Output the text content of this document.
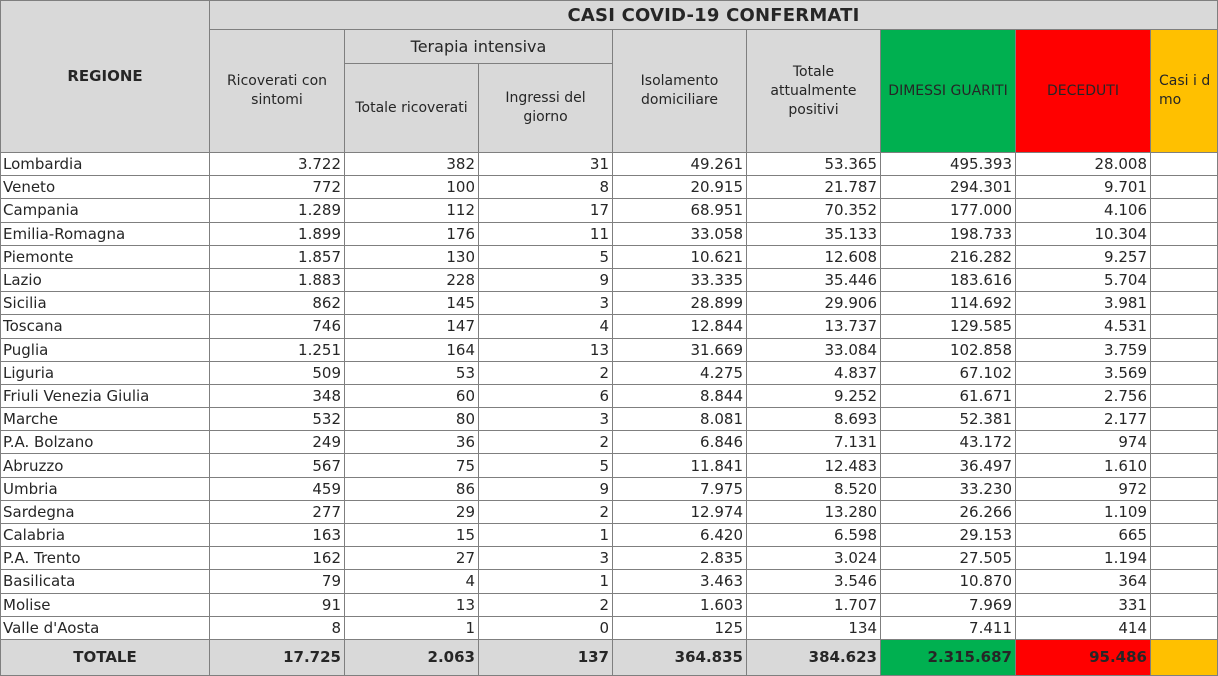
REGIONE	CASI COVID-19 CONFERMATI							
	Ricoverati con sintomi	Terapia intensiva		Isolamento domiciliare	Totale attualmente positivi	DIMESSI GUARITI	DECEDUTI	Casi i d mo
		Totale ricoverati	Ingressi del giorno					
Lombardia	3.722	382	31	49.261	53.365	495.393	28.008	
Veneto	772	100	8	20.915	21.787	294.301	9.701	
Campania	1.289	112	17	68.951	70.352	177.000	4.106	
Emilia-Romagna	1.899	176	11	33.058	35.133	198.733	10.304	
Piemonte	1.857	130	5	10.621	12.608	216.282	9.257	
Lazio	1.883	228	9	33.335	35.446	183.616	5.704	
Sicilia	862	145	3	28.899	29.906	114.692	3.981	
Toscana	746	147	4	12.844	13.737	129.585	4.531	
Puglia	1.251	164	13	31.669	33.084	102.858	3.759	
Liguria	509	53	2	4.275	4.837	67.102	3.569	
Friuli Venezia Giulia	348	60	6	8.844	9.252	61.671	2.756	
Marche	532	80	3	8.081	8.693	52.381	2.177	
P.A. Bolzano	249	36	2	6.846	7.131	43.172	974	
Abruzzo	567	75	5	11.841	12.483	36.497	1.610	
Umbria	459	86	9	7.975	8.520	33.230	972	
Sardegna	277	29	2	12.974	13.280	26.266	1.109	
Calabria	163	15	1	6.420	6.598	29.153	665	
P.A. Trento	162	27	3	2.835	3.024	27.505	1.194	
Basilicata	79	4	1	3.463	3.546	10.870	364	
Molise	91	13	2	1.603	1.707	7.969	331	
Valle d'Aosta	8	1	0	125	134	7.411	414	
TOTALE	17.725	2.063	137	364.835	384.623	2.315.687	95.486	
